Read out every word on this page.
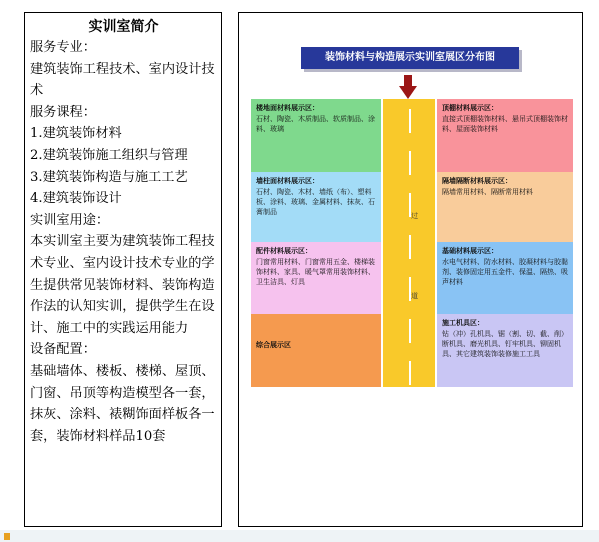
实训室简介

服务专业：

建筑装饰工程技术、室内设计技术

服务课程：

1.建筑装饰材料

2.建筑装饰施工组织与管理

3.建筑装饰构造与施工工艺

4.建筑装饰设计

实训室用途：

本实训室主要为建筑装饰工程技术专业、室内设计技术专业的学生提供常见装饰材料、装饰构造作法的认知实训，提供学生在设计、施工中的实践运用能力

设备配置：

基础墙体、楼板、楼梯、屋顶、门窗、吊顶等构造模型各一套，抹灰、涂料、裱糊饰面样板各一套，装饰材料样品10套

装饰材料与构造展示实训室展区分布图
楼地面材料展示区：
石材、陶瓷、木质制品、软质制品、涂料、玻璃
顶棚材料展示区：
直接式顶棚装饰材料、悬吊式顶棚装饰材料、屋面装饰材料
墙柱面材料展示区：
石材、陶瓷、木材、墙纸（布）、塑料板、涂料、玻璃、金属材料、抹灰、石膏制品
隔墙隔断材料展示区：
隔墙常用材料、隔断常用材料
配件材料展示区：
门窗常用材料、门窗常用五金、楼梯装饰材料、家具、暖气罩常用装饰材料、卫生洁具、灯具
基础材料展示区：
水电气材料、防水材料、胶凝材料与胶黏剂、装修固定用五金件、保温、隔热、吸声材料
综合展示区
施工机具区：
钻（冲）孔机具、锯（割、切、截、削）断机具、磨光机具、钉牢机具、铆固机具、其它建筑装饰装修施工工具
过
道
